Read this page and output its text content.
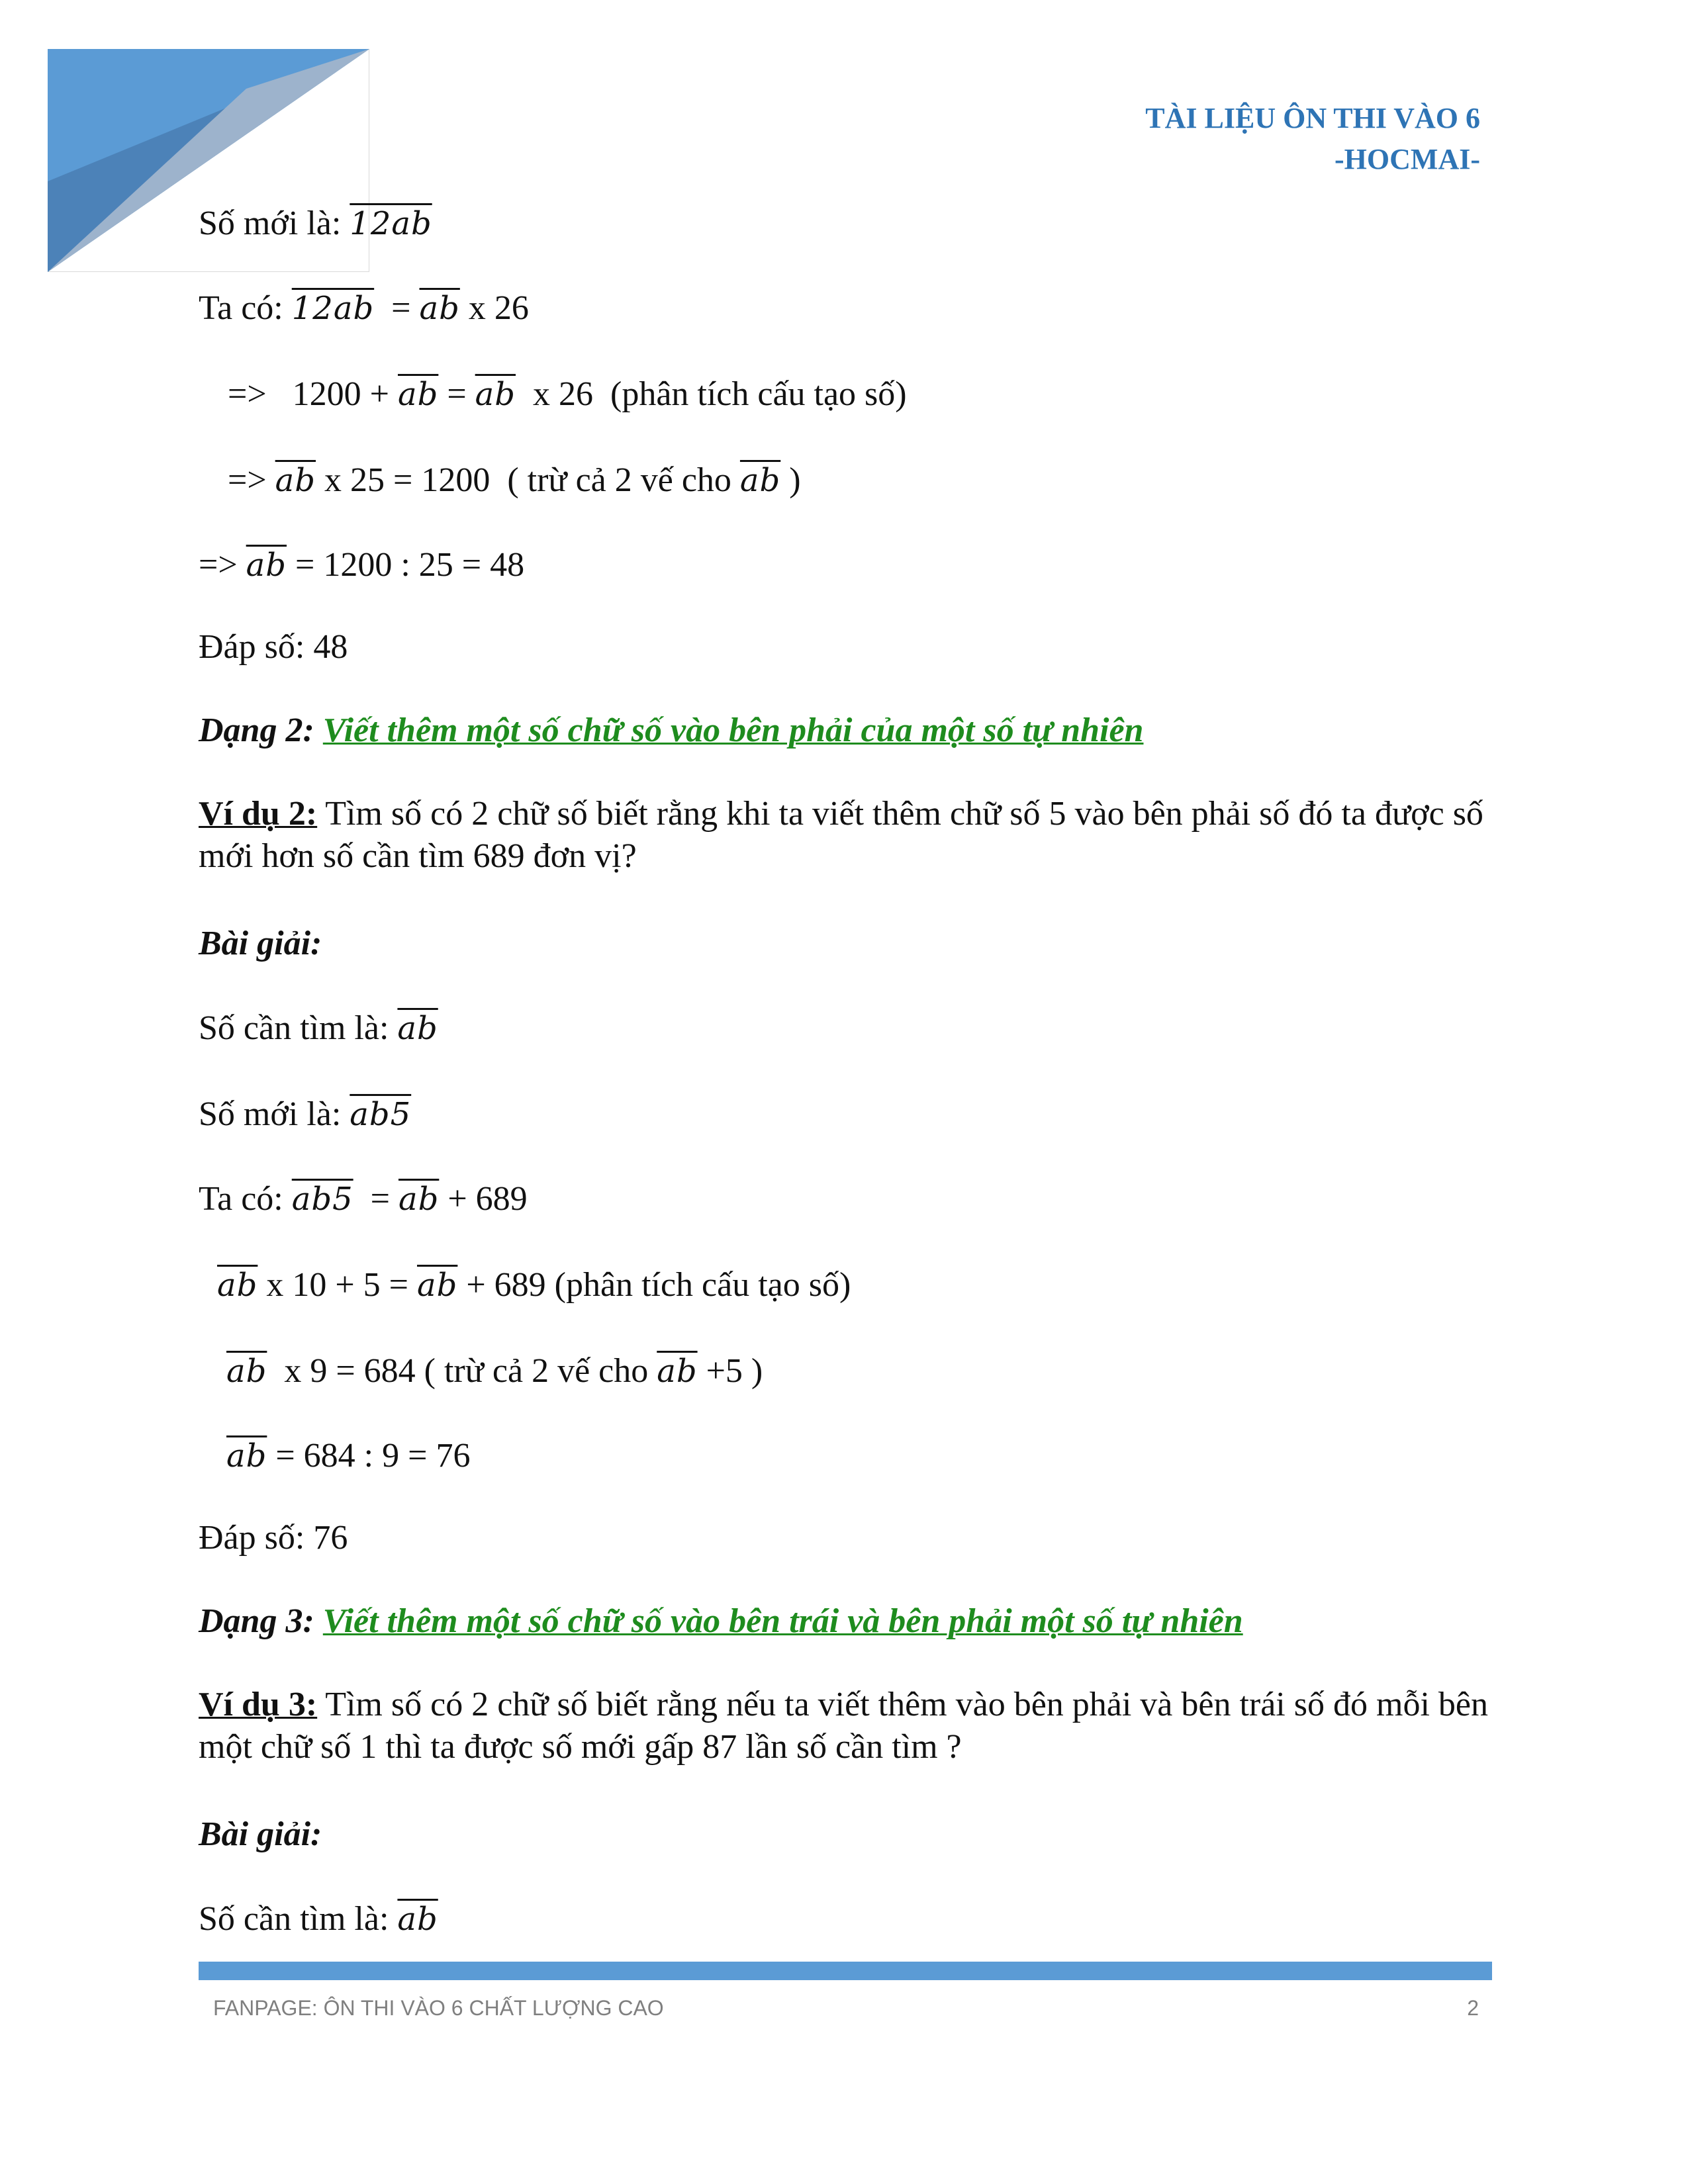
TÀI LIỆU ÔN THI VÀO 6
-HOCMAI-
Số mới là: 12ab
Ta có: $12ab = \overline{ab}$ x 26
=>   $1200 + \overline{ab} = \overline{ab}$  x 26  (phân tích cấu tạo số)
=> $\overline{ab}$ x 25 = 1200  ( trừ cả 2 vế cho $\overline{ab}$ )
=> $\overline{ab} = 1200$ : 25 = 48
Đáp số: 48
Dạng 2: Viết thêm một số chữ số vào bên phải của một số tự nhiên
Ví dụ 2: Tìm số có 2 chữ số biết rằng khi ta viết thêm chữ số 5 vào bên phải số đó ta được số mới hơn số cần tìm 689 đơn vị?
Bài giải:
Số cần tìm là: $\overline{ab}$
Số mới là: ab5
Ta có: $ab5 = \overline{ab} + 689$
$\overline{ab}$ x $10 + 5 = \overline{ab} + 689$ (phân tích cấu tạo số)
$\overline{ab}$  x 9 = 684 ( trừ cả 2 vế cho $\overline{ab} +5$ )
$\overline{ab} = 684$ : 9 = 76
Đáp số: 76
Dạng 3: Viết thêm một số chữ số vào bên trái và bên phải một số tự nhiên
Ví dụ 3: Tìm số có 2 chữ số biết rằng nếu ta viết thêm vào bên phải và bên trái số đó mỗi bên một chữ số 1 thì ta được số mới gấp 87 lần số cần tìm ?
Bài giải:
Số cần tìm là: $\overline{ab}$
FANPAGE: ÔN THI VÀO 6 CHẤT LƯỢNG CAO	2
